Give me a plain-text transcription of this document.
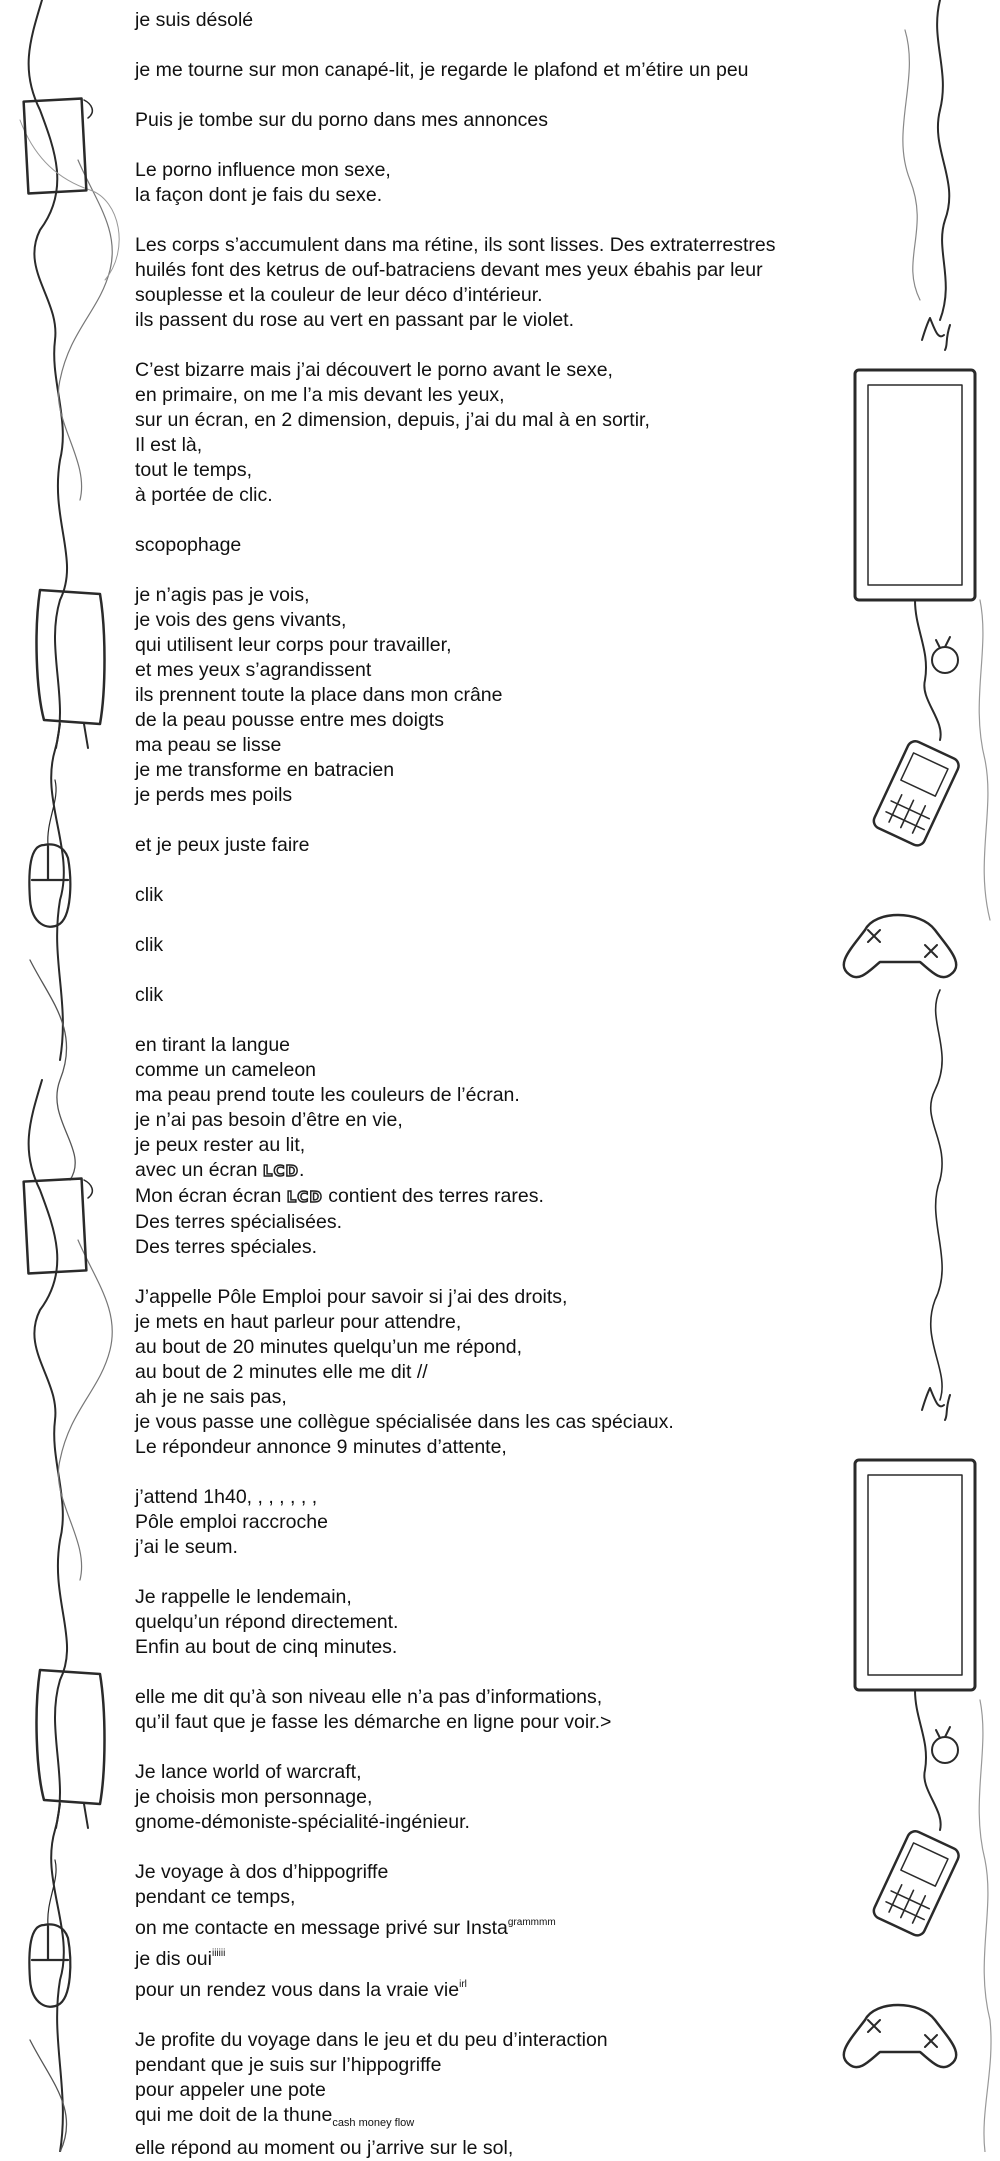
je suis désolé

je me tourne sur mon canapé-lit, je regarde le plafond et m’étire un peu

Puis je tombe sur du porno dans mes annonces

Le porno influence mon sexe,

la façon dont je fais du sexe.

Les corps s’accumulent dans ma rétine, ils sont lisses. Des extraterrestres

huilés font des ketrus de ouf-batraciens devant mes yeux ébahis par leur

souplesse et la couleur de leur déco d’intérieur.

ils passent du rose au vert en passant par le violet.

C’est bizarre mais j’ai découvert le porno avant le sexe,

en primaire, on me l’a mis devant les yeux,

sur un écran, en 2 dimension, depuis, j’ai du mal à en sortir,

Il est là,

tout le temps,

à portée de clic.

scopophage

je n’agis pas je vois,

je vois des gens vivants,

qui utilisent leur corps pour travailler,

et mes yeux s’agrandissent

ils prennent toute la place dans mon crâne

de la peau pousse entre mes doigts

ma peau se lisse

je me transforme en batracien

je perds mes poils

et je peux juste faire

clik

clik

clik

en tirant la langue

comme un cameleon

ma peau prend toute les couleurs de l’écran.

je n’ai pas besoin d’être en vie,

je peux rester au lit,

avec un écran LCD.

Mon écran écran LCD contient des terres rares.

Des terres spécialisées.

Des terres spéciales.

J’appelle Pôle Emploi pour savoir si j’ai des droits,

je mets en haut parleur pour attendre,

au bout de 20 minutes quelqu’un me répond,

au bout de 2 minutes elle me dit //

ah je ne sais pas,

je vous passe une collègue spécialisée dans les cas spéciaux.

Le répondeur annonce 9 minutes d’attente,

j’attend 1h40, , , , , , ,

Pôle emploi raccroche

j’ai le seum.

Je rappelle le lendemain,

quelqu’un répond directement.

Enfin au bout de cinq minutes.

elle me dit qu’à son niveau elle n’a pas d’informations,

qu’il faut que je fasse les démarche en ligne pour voir.>

Je lance world of warcraft,

je choisis mon personnage,

gnome-démoniste-spécialité-ingénieur.

Je voyage à dos d’hippogriffe

pendant ce temps,

on me contacte en message privé sur Insta$^{grammmm}$

je dis oui$^{iiiiii}$

pour un rendez vous dans la vraie vie$^{irl}$

Je profite du voyage dans le jeu et du peu d’interaction

pendant que je suis sur l’hippogriffe

pour appeler une pote

qui me doit de la thune$_{cash money flow}$

elle répond au moment ou j’arrive sur le sol,
